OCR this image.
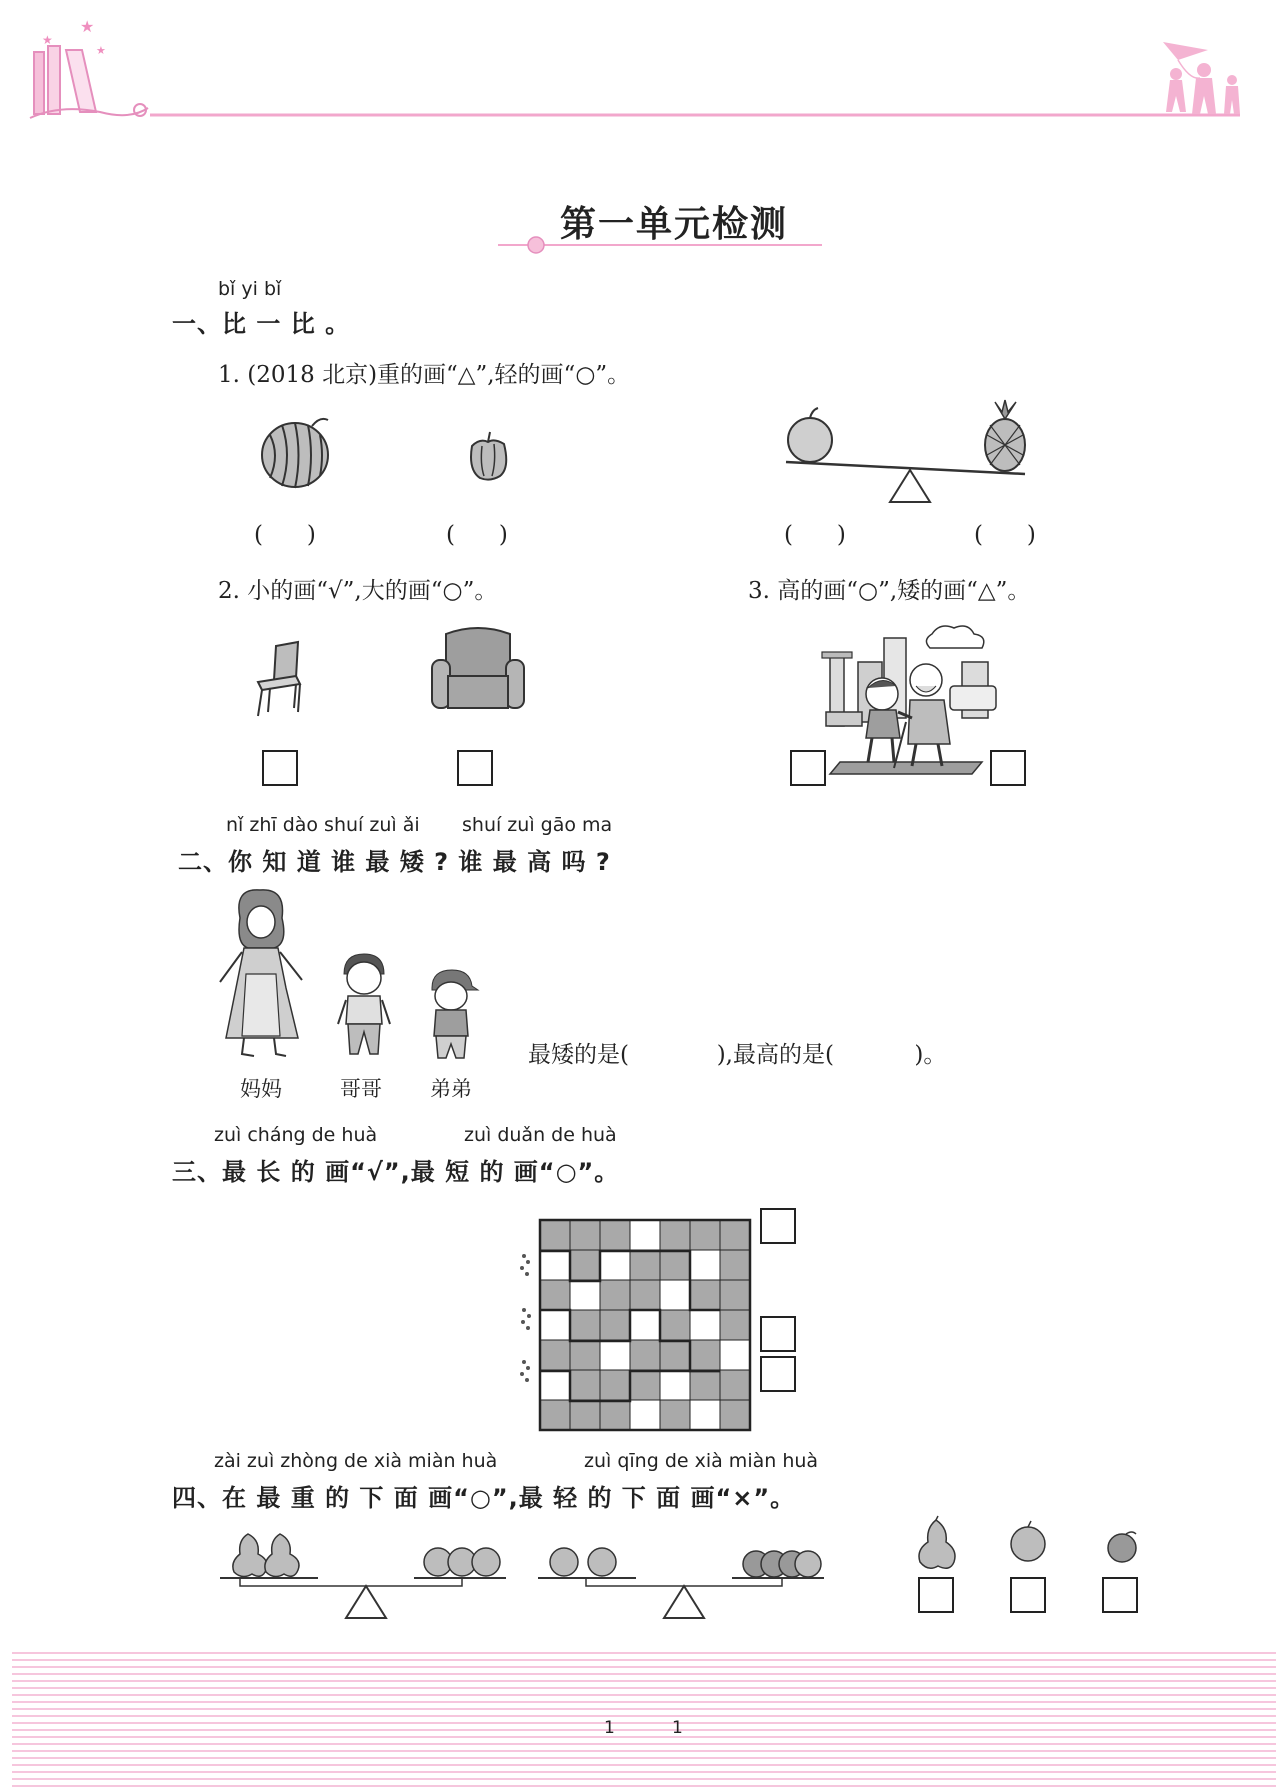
★
★
★
第一单元检测
bǐ yi bǐ
一、比 一 比 。
1. (2018 北京)重的画“△”,轻的画“○”。
(      )	(      )	(      )	(      )
2. 小的画“√”,大的画“○”。	3. 高的画“○”,矮的画“△”。
nǐ zhī dào shuí zuì ǎi shuí zuì gāo ma
二、你 知 道 谁 最 矮 ? 谁 最 高 吗 ?
妈妈	哥哥 弟弟
最矮的是(            ),最高的是(           )。
zuì cháng de huà	zuì duǎn de huà
三、最 长 的 画“√”,最 短 的 画“○”。
zài zuì zhòng de xià miàn huà	zuì qīng de xià miàn huà
四、在 最 重 的 下 面 画“○”,最 轻 的 下 面 画“×”。
1	1
